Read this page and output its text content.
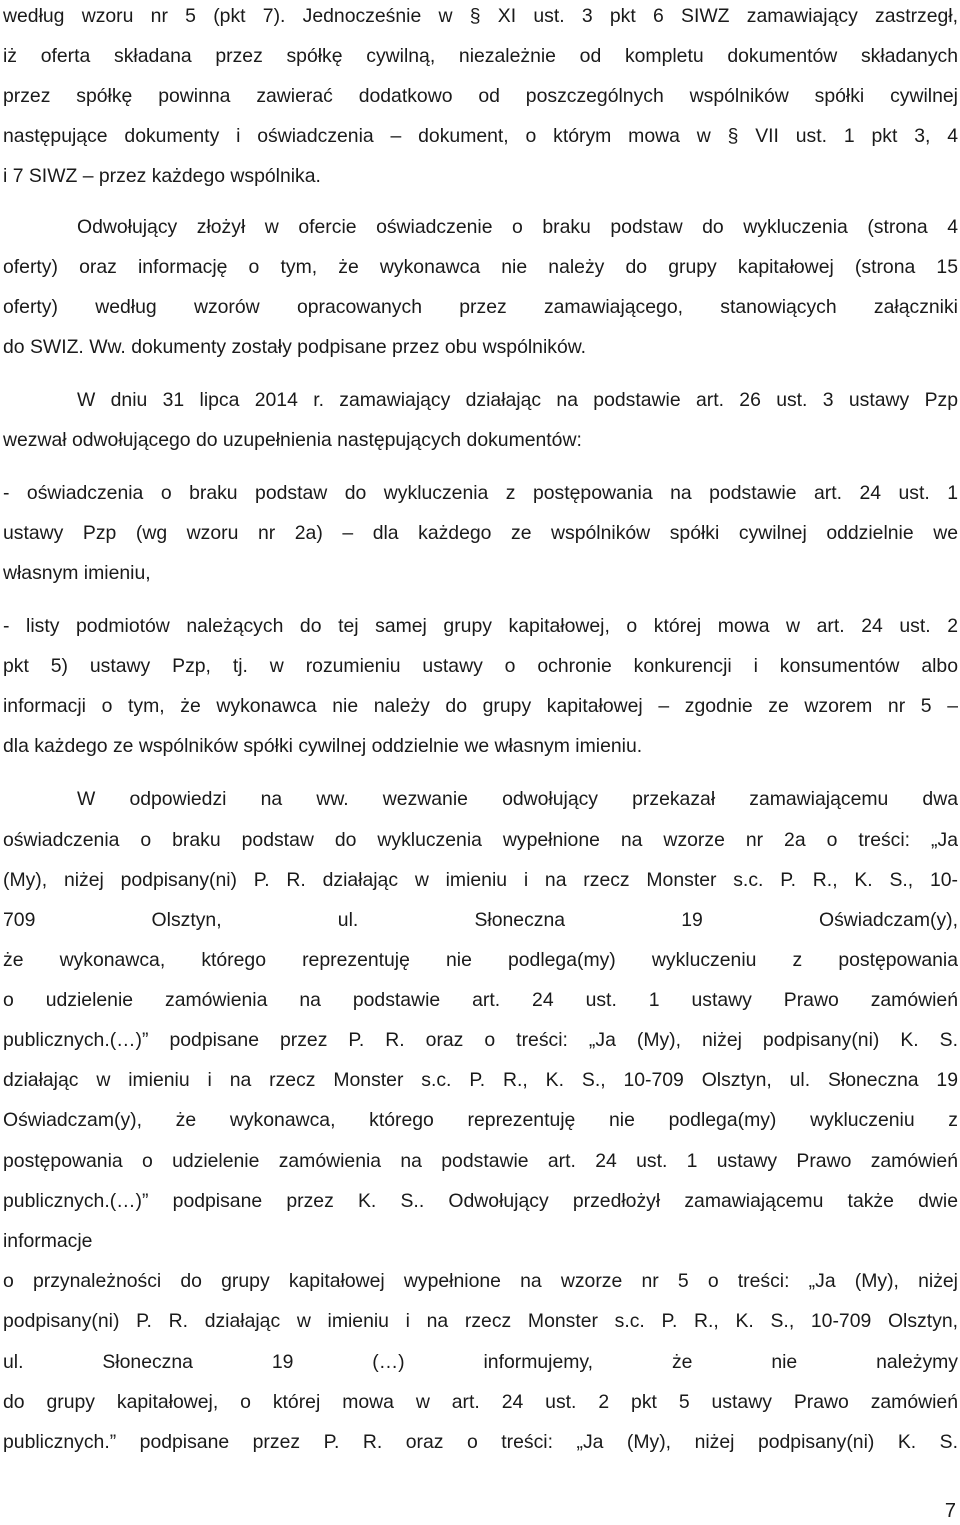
według wzoru nr 5 (pkt 7). Jednocześnie w § XI ust. 3 pkt 6 SIWZ zamawiający zastrzegł,
iż oferta składana przez spółkę cywilną, niezależnie od kompletu dokumentów składanych
przez spółkę powinna zawierać dodatkowo od poszczególnych wspólników spółki cywilnej
następujące dokumenty i oświadczenia – dokument, o którym mowa w § VII ust. 1 pkt 3, 4
i 7 SIWZ – przez każdego wspólnika.
Odwołujący złożył w ofercie oświadczenie o braku podstaw do wykluczenia (strona 4
oferty) oraz informację o tym, że wykonawca nie należy do grupy kapitałowej (strona 15
oferty) według wzorów opracowanych przez zamawiającego, stanowiących załączniki
do SWIZ. Ww. dokumenty zostały podpisane przez obu wspólników.
W dniu 31 lipca 2014 r. zamawiający działając na podstawie art. 26 ust. 3 ustawy Pzp
wezwał odwołującego do uzupełnienia następujących dokumentów:
- oświadczenia o braku podstaw do wykluczenia z postępowania na podstawie art. 24 ust. 1
ustawy Pzp (wg wzoru nr 2a) – dla każdego ze wspólników spółki cywilnej oddzielnie we
własnym imieniu,
- listy podmiotów należących do tej samej grupy kapitałowej, o której mowa w art. 24 ust. 2
pkt 5) ustawy Pzp, tj. w rozumieniu ustawy o ochronie konkurencji i konsumentów albo
informacji o tym, że wykonawca nie należy do grupy kapitałowej – zgodnie ze wzorem nr 5 –
dla każdego ze wspólników spółki cywilnej oddzielnie we własnym imieniu.
W odpowiedzi na ww. wezwanie odwołujący przekazał zamawiającemu dwa
oświadczenia o braku podstaw do wykluczenia wypełnione na wzorze nr 2a o treści: „Ja
(My), niżej podpisany(ni) P. R. działając w imieniu i na rzecz Monster s.c. P. R., K. S., 10-
709 Olsztyn, ul. Słoneczna 19 Oświadczam(y),
że wykonawca, którego reprezentuję nie podlega(my) wykluczeniu z postępowania
o udzielenie zamówienia na podstawie art. 24 ust. 1 ustawy Prawo zamówień
publicznych.(…)” podpisane przez P. R. oraz o treści: „Ja (My), niżej podpisany(ni) K. S.
działając w imieniu i na rzecz Monster s.c. P. R., K. S., 10-709 Olsztyn, ul. Słoneczna 19
Oświadczam(y), że wykonawca, którego reprezentuję nie podlega(my) wykluczeniu z
postępowania o udzielenie zamówienia na podstawie art. 24 ust. 1 ustawy Prawo zamówień
publicznych.(…)” podpisane przez K. S.. Odwołujący przedłożył zamawiającemu także dwie
informacje
o przynależności do grupy kapitałowej wypełnione na wzorze nr 5 o treści: „Ja (My), niżej
podpisany(ni) P. R. działając w imieniu i na rzecz Monster s.c. P. R., K. S., 10-709 Olsztyn,
ul. Słoneczna 19 (…) informujemy, że nie należymy
do grupy kapitałowej, o której mowa w art. 24 ust. 2 pkt 5 ustawy Prawo zamówień
publicznych.” podpisane przez P. R. oraz o treści: „Ja (My), niżej podpisany(ni) K. S.
7
